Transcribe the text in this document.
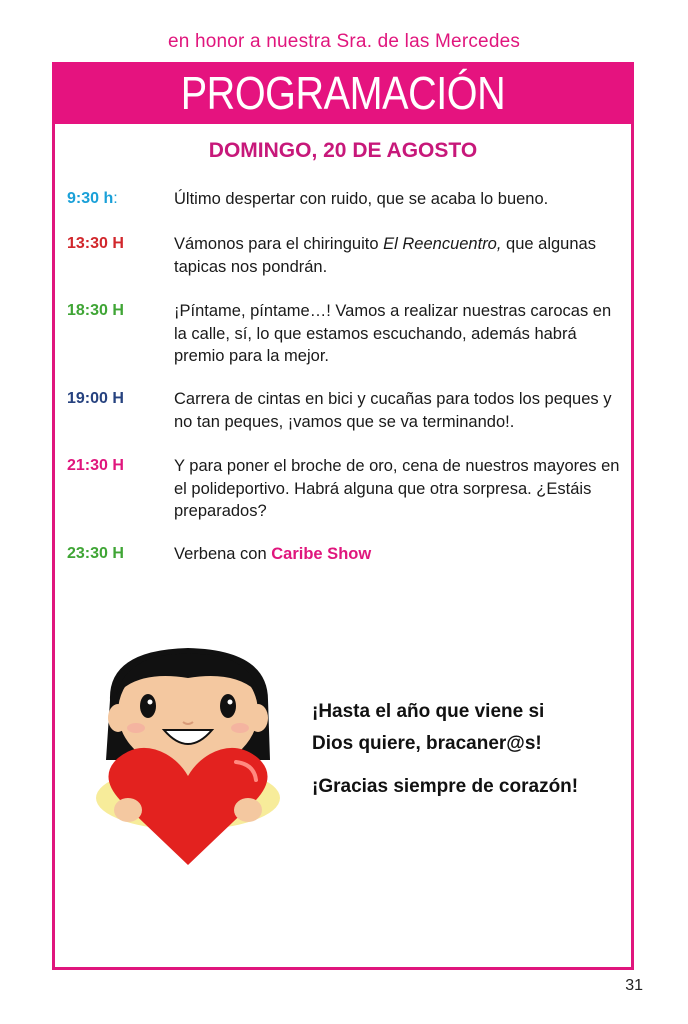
en honor a nuestra Sra. de las Mercedes
PROGRAMACIÓN
DOMINGO, 20 DE AGOSTO
9:30 h:	Último despertar con ruido, que se acaba lo bueno.
13:30 H	Vámonos para el chiringuito El Reencuentro, que algunas tapicas nos pondrán.
18:30 H	¡Píntame, píntame…! Vamos a realizar nuestras carocas en la calle, sí, lo que estamos escuchando, además habrá premio para la mejor.
19:00 H	Carrera de cintas en bici y cucañas para todos los peques y no tan peques, ¡vamos que se va terminando!.
21:30 H	Y para poner el broche de oro, cena de nuestros mayores en el polideportivo. Habrá alguna que otra sorpresa. ¿Estáis preparados?
23:30 H	Verbena con Caribe Show
¡Hasta el año que viene si
Dios quiere, bracaner@s!
¡Gracias siempre de corazón!
31
